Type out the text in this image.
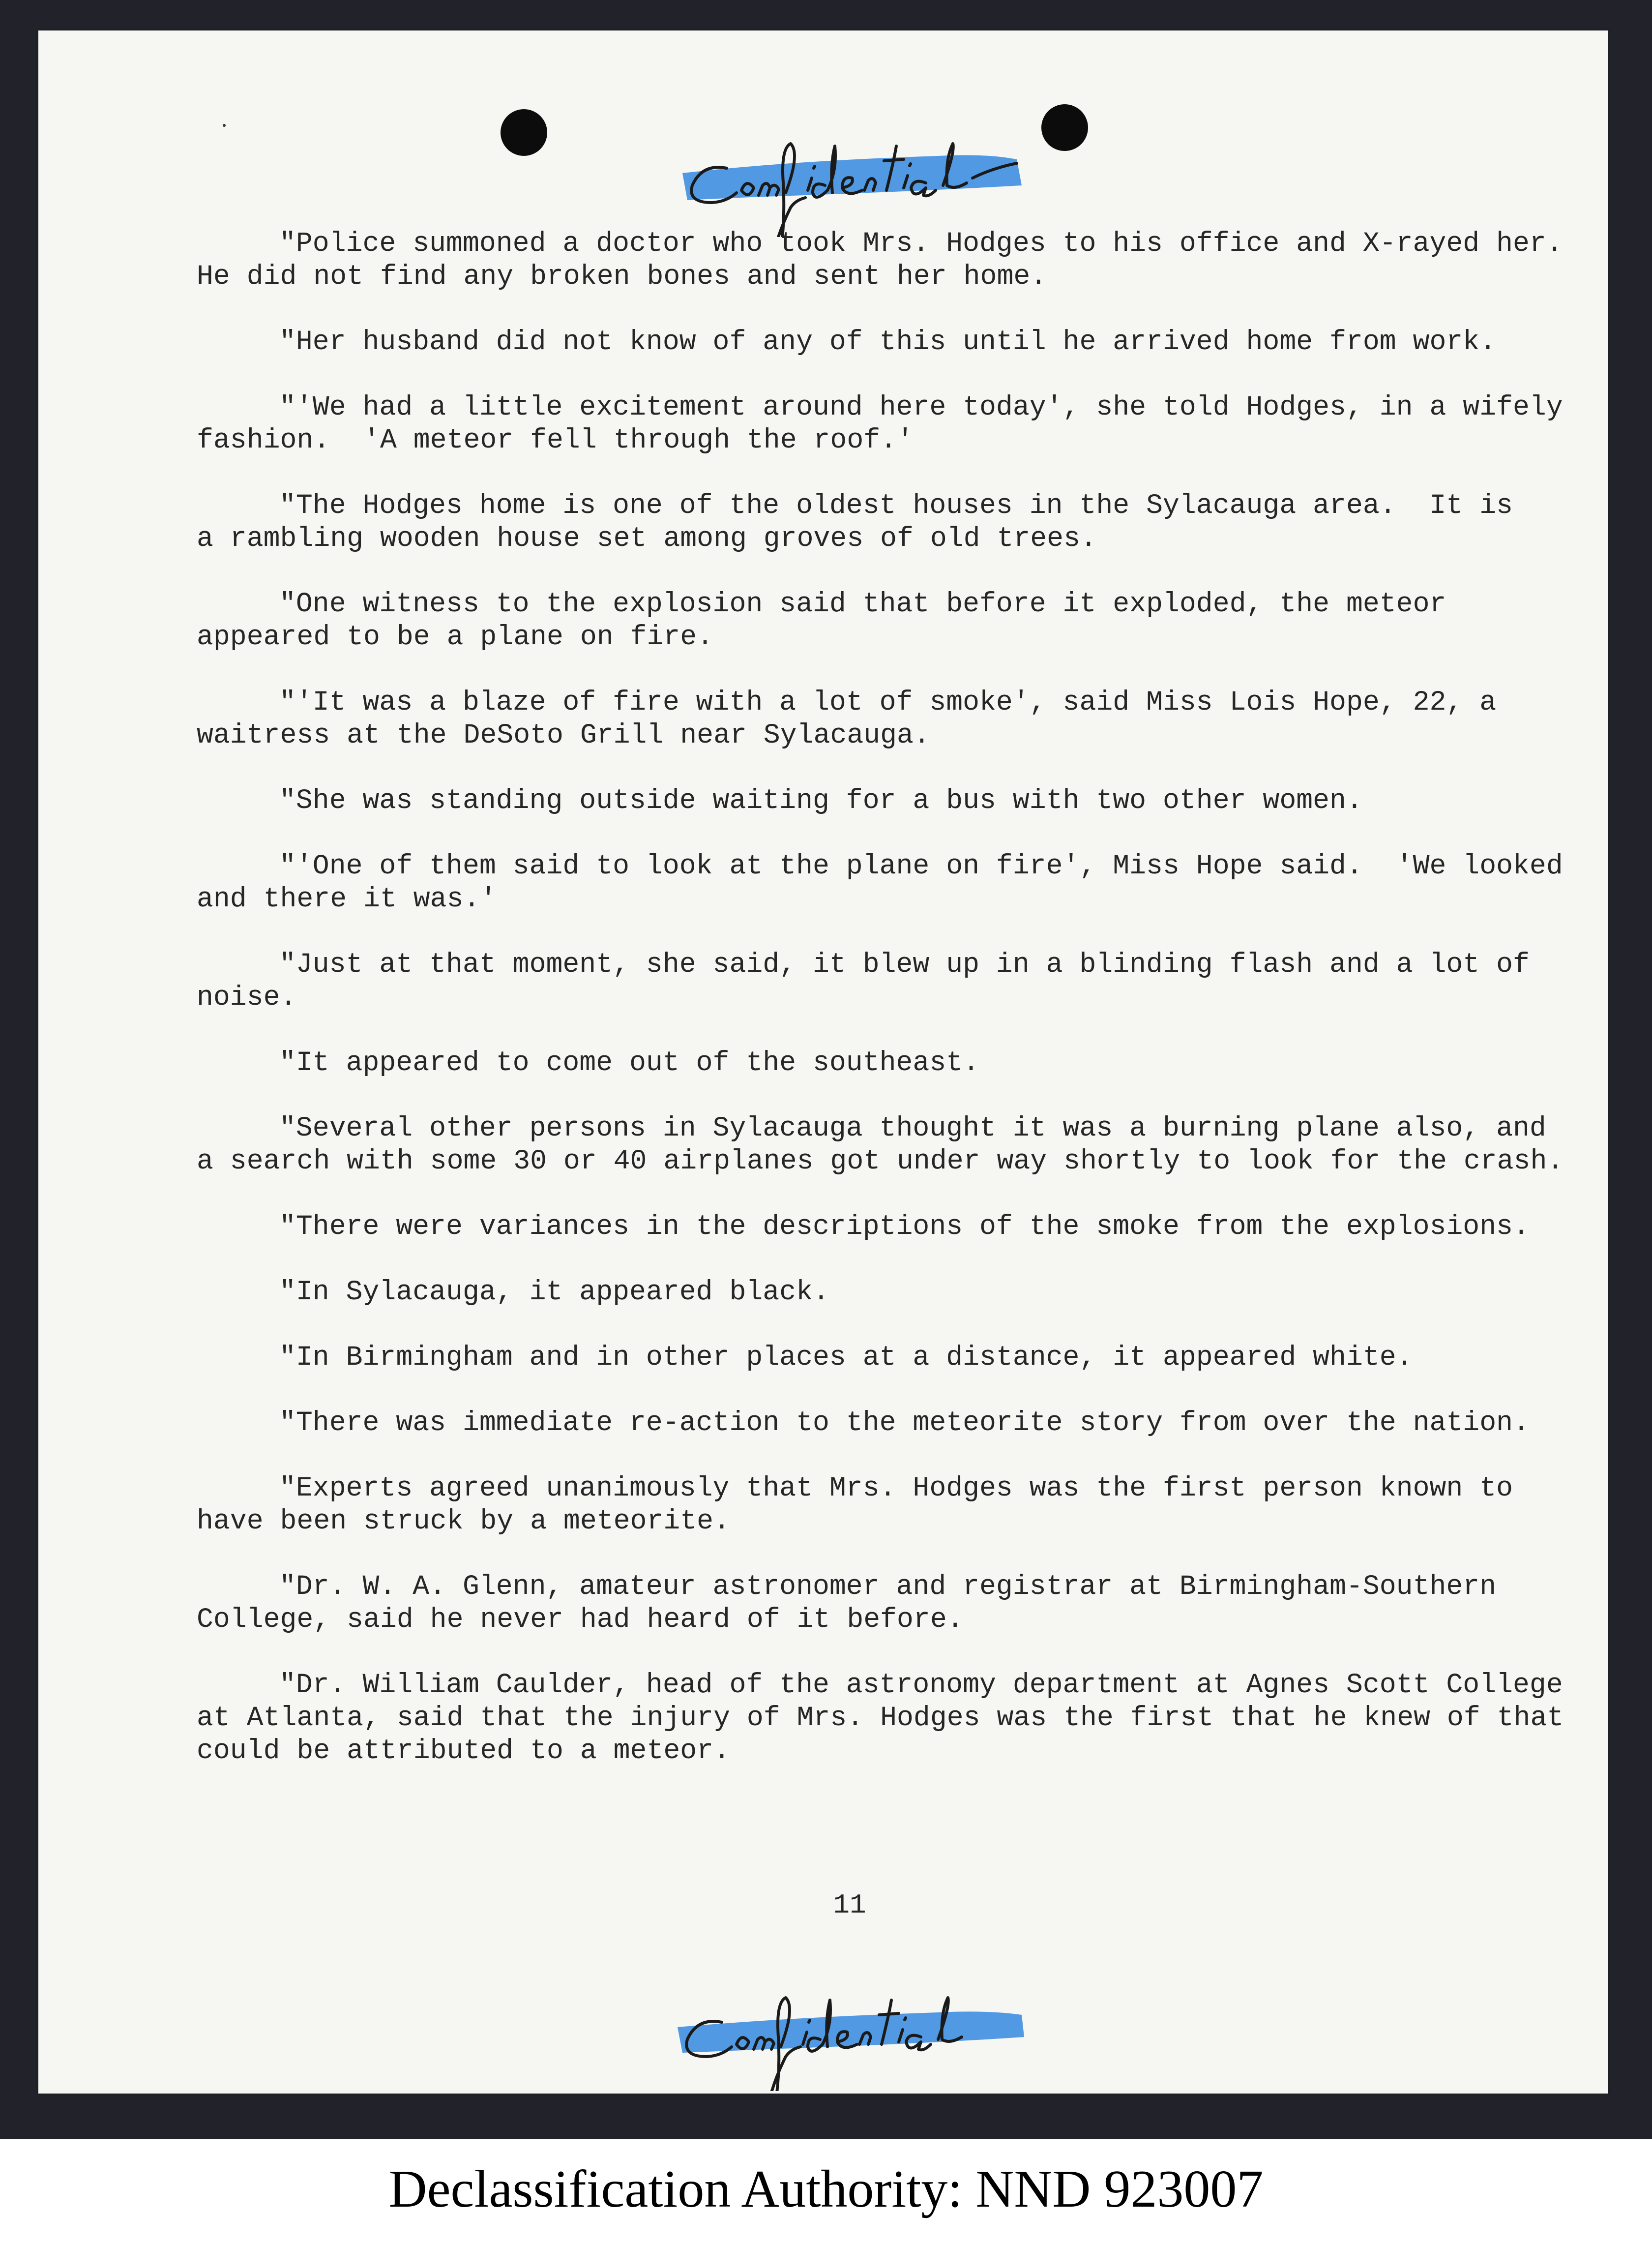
"Police summoned a doctor who took Mrs. Hodges to his office and X-rayed her.
He did not find any broken bones and sent her home.

"Her husband did not know of any of this until he arrived home from work.

"'We had a little excitement around here today', she told Hodges, in a wifely
fashion.  'A meteor fell through the roof.'

"The Hodges home is one of the oldest houses in the Sylacauga area.  It is
a rambling wooden house set among groves of old trees.

"One witness to the explosion said that before it exploded, the meteor
appeared to be a plane on fire.

"'It was a blaze of fire with a lot of smoke', said Miss Lois Hope, 22, a
waitress at the DeSoto Grill near Sylacauga.

"She was standing outside waiting for a bus with two other women.

"'One of them said to look at the plane on fire', Miss Hope said.  'We looked
and there it was.'

"Just at that moment, she said, it blew up in a blinding flash and a lot of
noise.

"It appeared to come out of the southeast.

"Several other persons in Sylacauga thought it was a burning plane also, and
a search with some 30 or 40 airplanes got under way shortly to look for the crash.

"There were variances in the descriptions of the smoke from the explosions.

"In Sylacauga, it appeared black.

"In Birmingham and in other places at a distance, it appeared white.

"There was immediate re-action to the meteorite story from over the nation.

"Experts agreed unanimously that Mrs. Hodges was the first person known to
have been struck by a meteorite.

"Dr. W. A. Glenn, amateur astronomer and registrar at Birmingham-Southern
College, said he never had heard of it before.

"Dr. William Caulder, head of the astronomy department at Agnes Scott College
at Atlanta, said that the injury of Mrs. Hodges was the first that he knew of that
could be attributed to a meteor.

11
Declassification Authority: NND 923007
